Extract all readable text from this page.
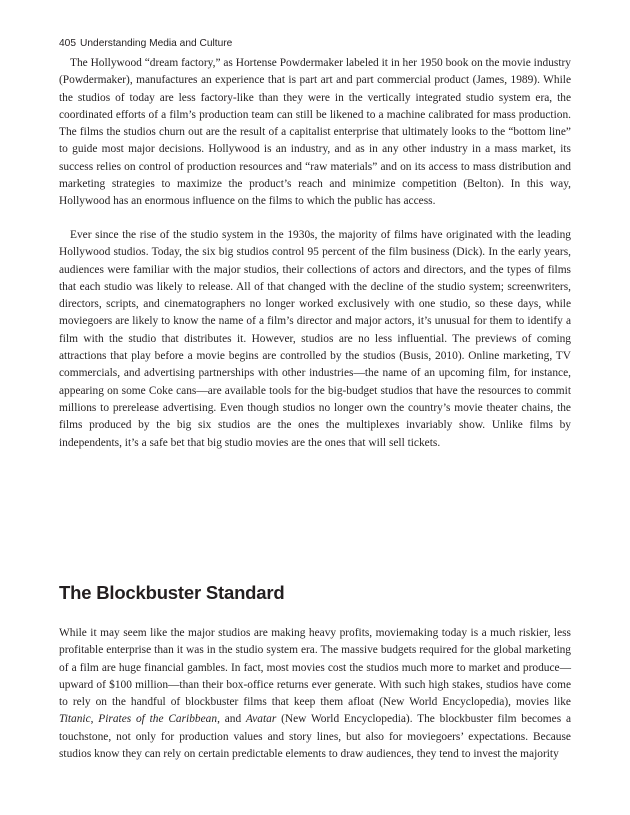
405 Understanding Media and Culture

The Hollywood “dream factory,” as Hortense Powdermaker labeled it in her 1950 book on the movie industry (Powdermaker), manufactures an experience that is part art and part commercial product (James, 1989). While the studios of today are less factory-like than they were in the vertically integrated studio system era, the coordinated efforts of a film’s production team can still be likened to a machine calibrated for mass production. The films the studios churn out are the result of a capitalist enterprise that ultimately looks to the “bottom line” to guide most major decisions. Hollywood is an industry, and as in any other industry in a mass market, its success relies on control of production resources and “raw materials” and on its access to mass distribution and marketing strategies to maximize the product’s reach and minimize competition (Belton). In this way, Hollywood has an enormous influence on the films to which the public has access.

Ever since the rise of the studio system in the 1930s, the majority of films have originated with the leading Hollywood studios. Today, the six big studios control 95 percent of the film business (Dick). In the early years, audiences were familiar with the major studios, their collections of actors and directors, and the types of films that each studio was likely to release. All of that changed with the decline of the studio system; screenwriters, directors, scripts, and cinematographers no longer worked exclusively with one studio, so these days, while moviegoers are likely to know the name of a film’s director and major actors, it’s unusual for them to identify a film with the studio that distributes it. However, studios are no less influential. The previews of coming attractions that play before a movie begins are controlled by the studios (Busis, 2010). Online marketing, TV commercials, and advertising partnerships with other industries—the name of an upcoming film, for instance, appearing on some Coke cans—are available tools for the big-budget studios that have the resources to commit millions to prerelease advertising. Even though studios no longer own the country’s movie theater chains, the films produced by the big six studios are the ones the multiplexes invariably show. Unlike films by independents, it’s a safe bet that big studio movies are the ones that will sell tickets.

The Blockbuster Standard

While it may seem like the major studios are making heavy profits, moviemaking today is a much riskier, less profitable enterprise than it was in the studio system era. The massive budgets required for the global marketing of a film are huge financial gambles. In fact, most movies cost the studios much more to market and produce—upward of $100 million—than their box-office returns ever generate. With such high stakes, studios have come to rely on the handful of blockbuster films that keep them afloat (New World Encyclopedia), movies like Titanic, Pirates of the Caribbean, and Avatar (New World Encyclopedia). The blockbuster film becomes a touchstone, not only for production values and story lines, but also for moviegoers’ expectations. Because studios know they can rely on certain predictable elements to draw audiences, they tend to invest the majority
